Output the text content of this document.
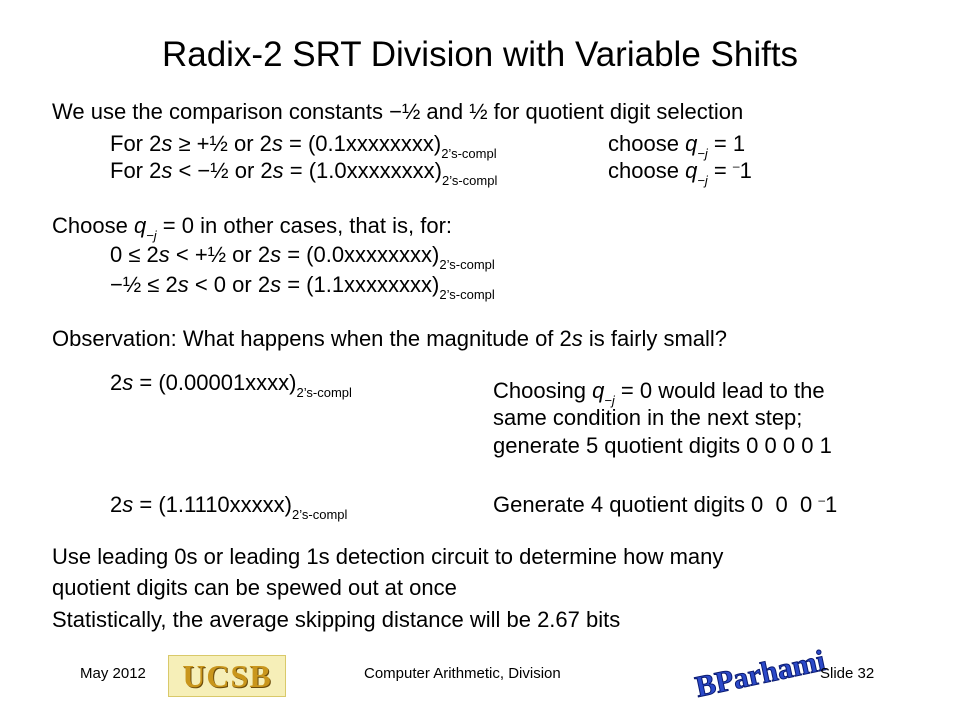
Radix-2 SRT Division with Variable Shifts
We use the comparison constants −½ and ½ for quotient digit selection
For 2s ≥ +½ or $2s = (0.1xxxxxxxx)_{2’s-compl}$	choose $q_{-j} = 1$
For 2s < −½ or $2s = (1.0xxxxxxxx)_{2’s-compl}$	choose $q_{-j} = ^-1$
Choose $q_{-j} = 0$ in other cases, that is, for:
0 ≤ 2s < +½ or $2s = (0.0xxxxxxxx)_{2’s-compl}$
−½ ≤ 2s < 0 or $2s = (1.1xxxxxxxx)_{2’s-compl}$
Observation: What happens when the magnitude of 2s is fairly small?
$2s = (0.00001xxxx)_{2’s-compl}$	Choosing $q_{-j} = 0$ would lead to the
same condition in the next step;
generate 5 quotient digits 0 0 0 0 1
$2s = (1.1110xxxxx)_{2’s-compl}$	Generate 4 quotient digits 0  0  0 –1
Use leading 0s or leading 1s detection circuit to determine how many
quotient digits can be spewed out at once
Statistically, the average skipping distance will be 2.67 bits
May 2012 UCSB	Computer Arithmetic, Division	BParhami
Slide 32
